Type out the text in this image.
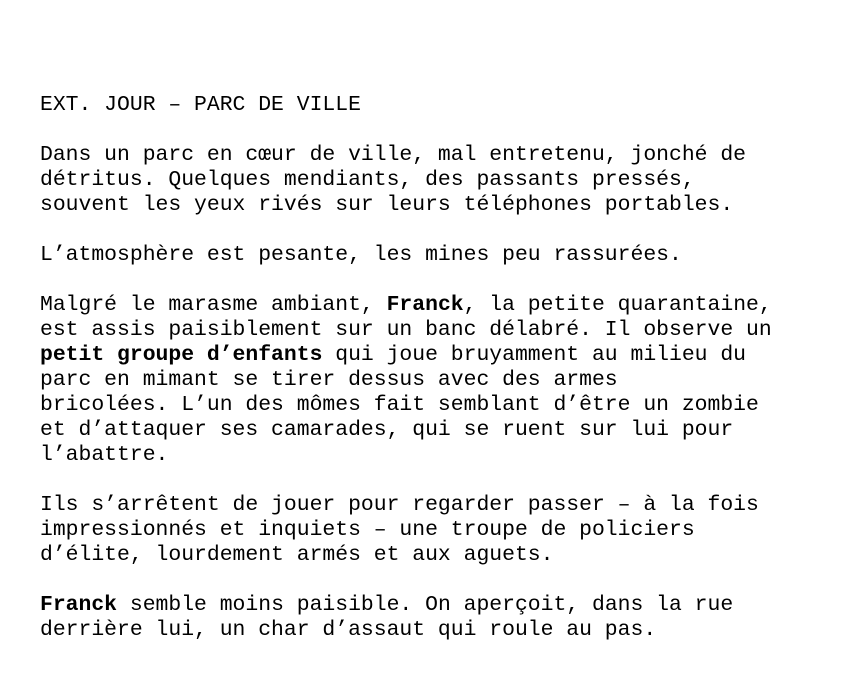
EXT. JOUR – PARC DE VILLE
Dans un parc en cœur de ville, mal entretenu, jonché de
détritus. Quelques mendiants, des passants pressés,
souvent les yeux rivés sur leurs téléphones portables.
L’atmosphère est pesante, les mines peu rassurées.
Malgré le marasme ambiant, Franck, la petite quarantaine,
est assis paisiblement sur un banc délabré. Il observe un
petit groupe d’enfants qui joue bruyamment au milieu du
parc en mimant se tirer dessus avec des armes
bricolées. L’un des mômes fait semblant d’être un zombie
et d’attaquer ses camarades, qui se ruent sur lui pour
l’abattre.
Ils s’arrêtent de jouer pour regarder passer – à la fois
impressionnés et inquiets – une troupe de policiers
d’élite, lourdement armés et aux aguets.
Franck semble moins paisible. On aperçoit, dans la rue
derrière lui, un char d’assaut qui roule au pas.
